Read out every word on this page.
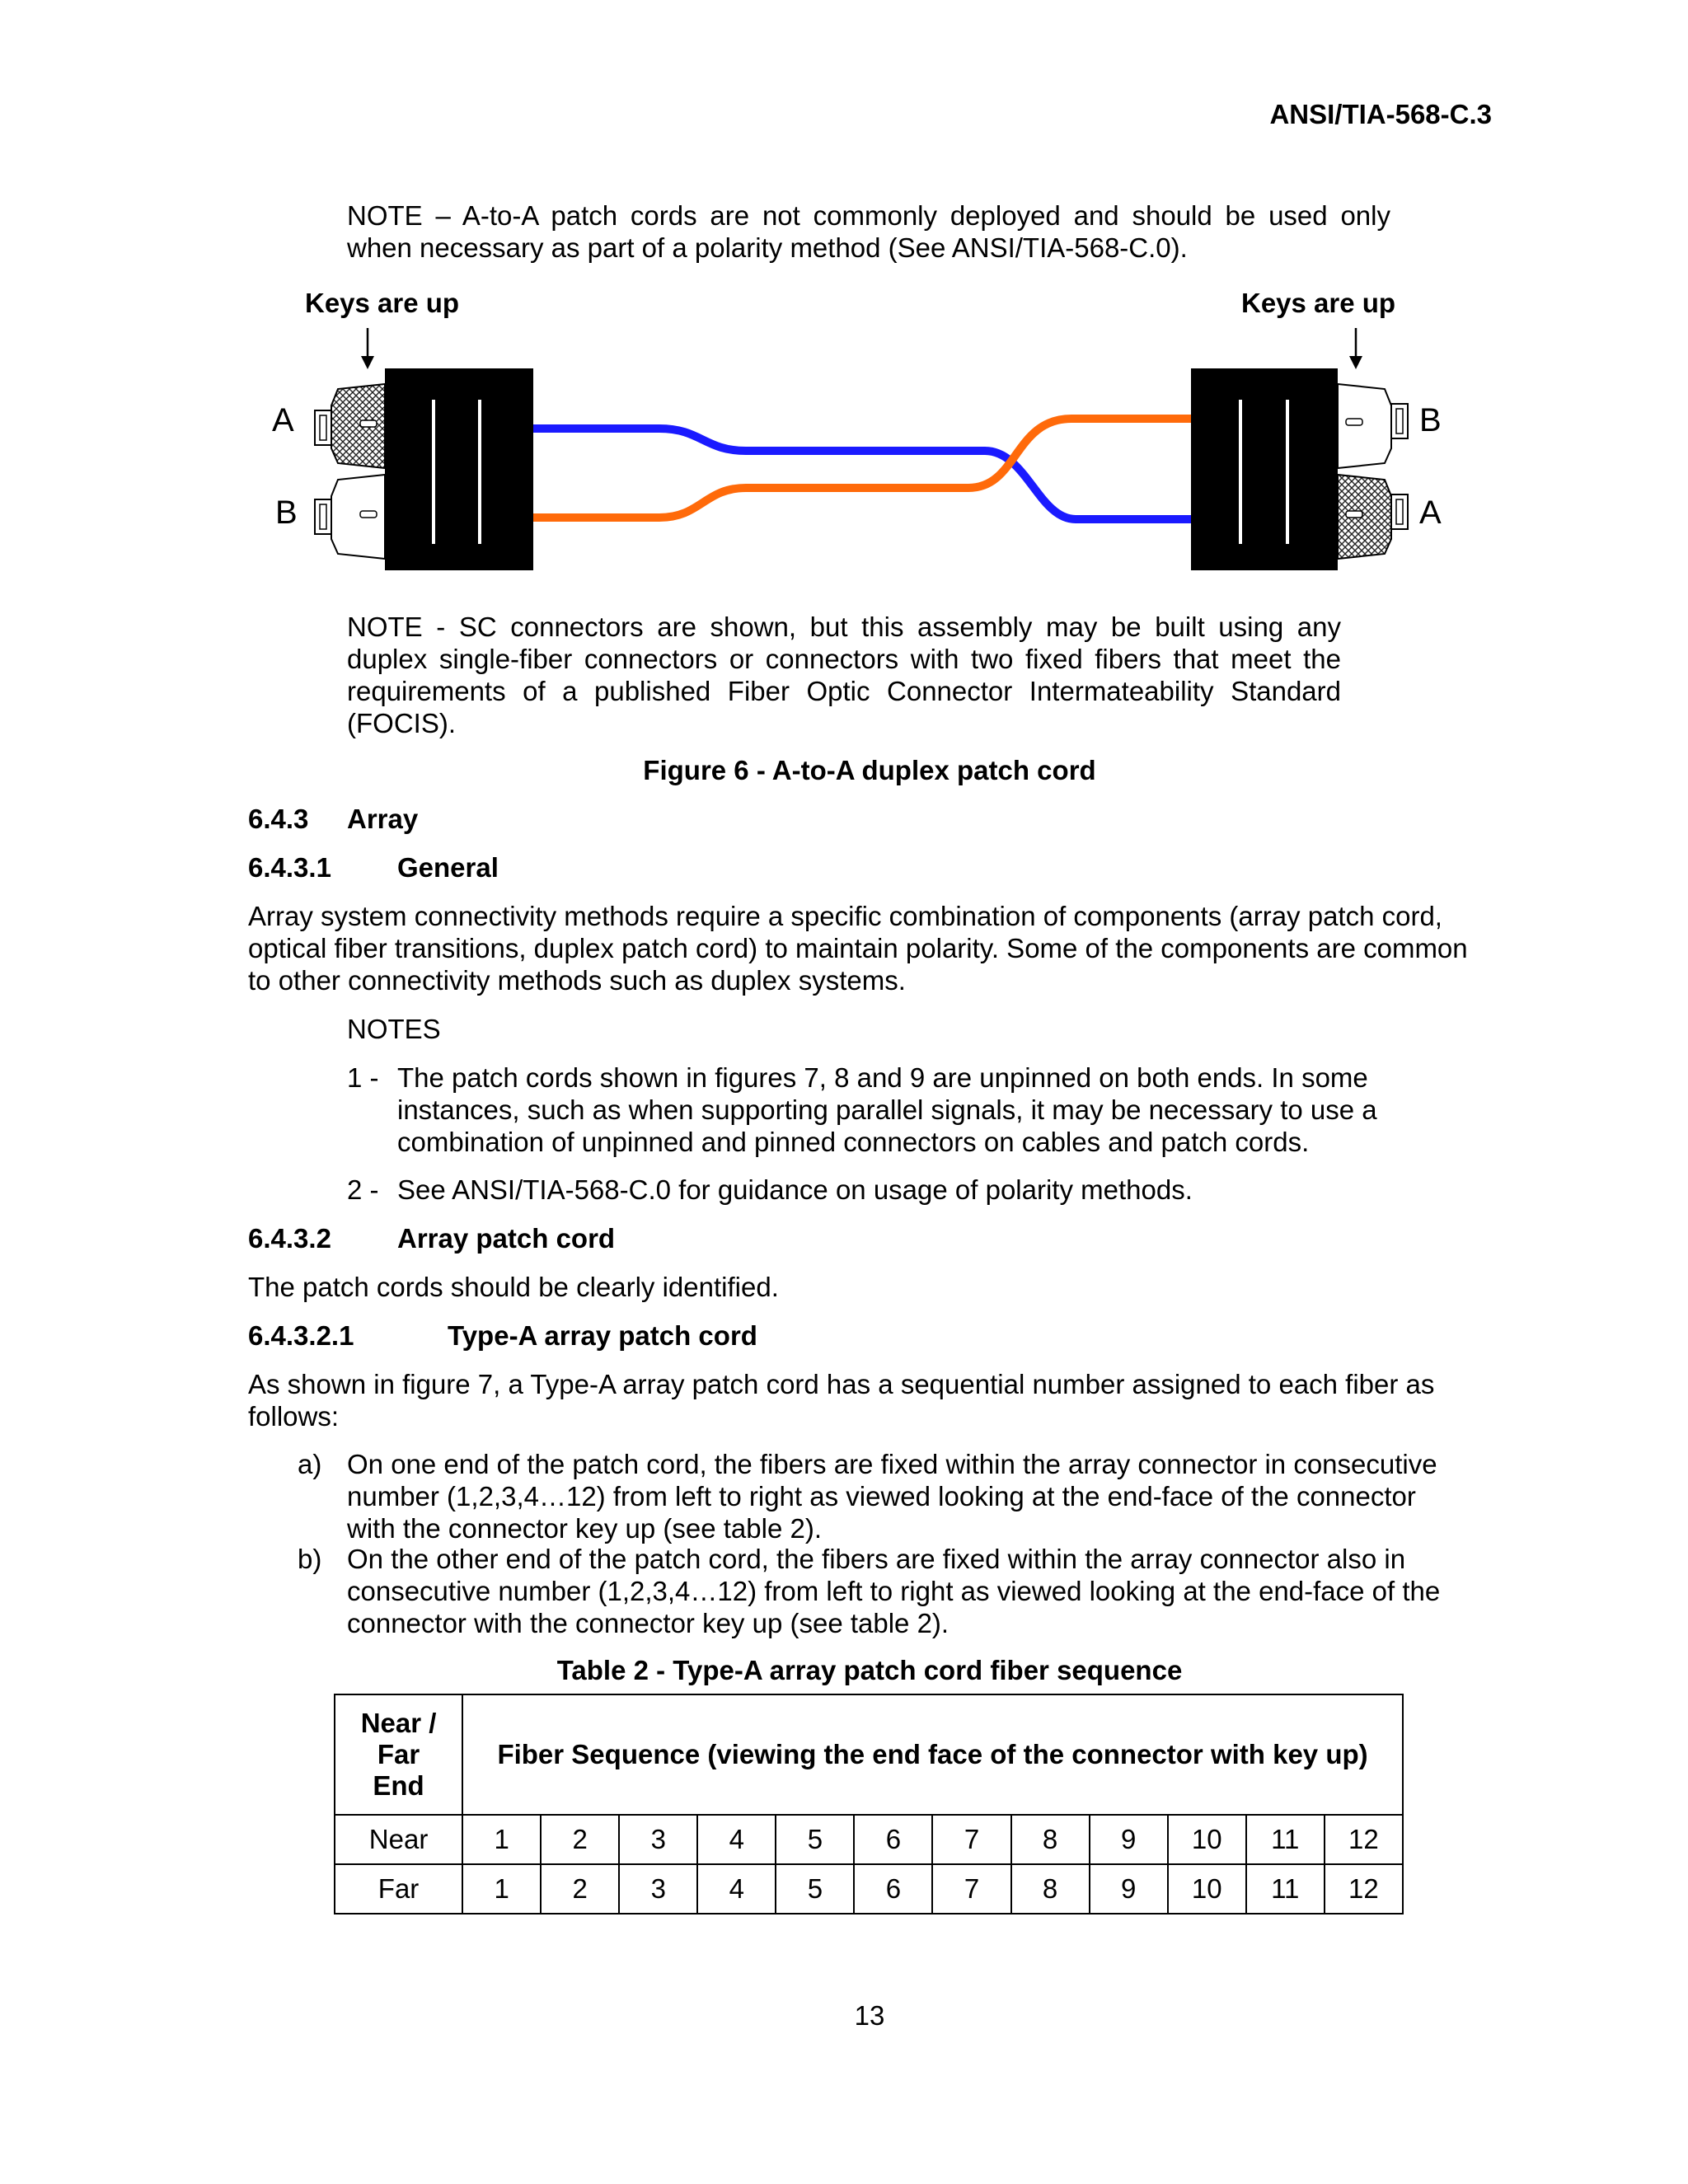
ANSI/TIA-568-C.3
NOTE – A-to-A patch cords are not commonly deployed and should be used only when necessary as part of a polarity method (See ANSI/TIA-568-C.0).
Keys are up	Keys are up
A
B
B
A
NOTE - SC connectors are shown, but this assembly may be built using any duplex single-fiber connectors or connectors with two fixed fibers that meet the requirements of a published Fiber Optic Connector Intermateability Standard (FOCIS).
Figure 6 - A-to-A duplex patch cord
6.4.3 Array
6.4.3.1 General
Array system connectivity methods require a specific combination of components (array patch cord, optical fiber transitions, duplex patch cord) to maintain polarity. Some of the components are common to other connectivity methods such as duplex systems.
NOTES
1 - The patch cords shown in figures 7, 8 and 9 are unpinned on both ends. In some instances, such as when supporting parallel signals, it may be necessary to use a combination of unpinned and pinned connectors on cables and patch cords.
2 - See ANSI/TIA-568-C.0 for guidance on usage of polarity methods.
6.4.3.2 Array patch cord
The patch cords should be clearly identified.
6.4.3.2.1	Type-A array patch cord
As shown in figure 7, a Type-A array patch cord has a sequential number assigned to each fiber as follows:
a) On one end of the patch cord, the fibers are fixed within the array connector in consecutive number (1,2,3,4…12) from left to right as viewed looking at the end-face of the connector with the connector key up (see table 2).
b) On the other end of the patch cord, the fibers are fixed within the array connector also in consecutive number (1,2,3,4…12) from left to right as viewed looking at the end-face of the connector with the connector key up (see table 2).
Table 2 - Type-A array patch cord fiber sequence
Near /
Far
End	Fiber Sequence (viewing the end face of the connector with key up)											
Near	1	2	3	4	5	6	7	8	9	10	11	12
Far	1	2	3	4	5	6	7	8	9	10	11	12
13
